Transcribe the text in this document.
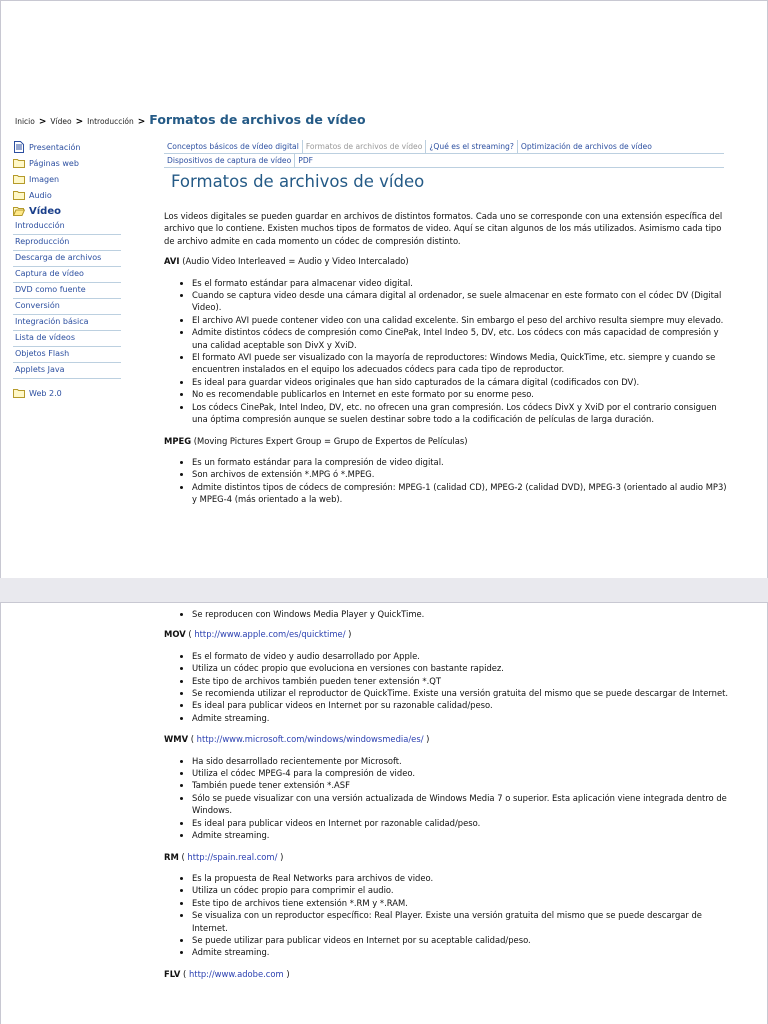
Inicio > Vídeo > Introducción > Formatos de archivos de vídeo
Presentación
Páginas web
Imagen
Audio
Vídeo
Introducción
Reproducción
Descarga de archivos
Captura de vídeo
DVD como fuente
Conversión
Integración básica
Lista de vídeos
Objetos Flash
Applets Java
Web 2.0
Conceptos básicos de vídeo digital Formatos de archivos de vídeo ¿Qué es el streaming? Optimización de archivos de vídeo
Dispositivos de captura de vídeo PDF
Formatos de archivos de vídeo

Los videos digitales se pueden guardar en archivos de distintos formatos. Cada uno se corresponde con una extensión específica del archivo que lo contiene. Existen muchos tipos de formatos de video. Aquí se citan algunos de los más utilizados. Asimismo cada tipo de archivo admite en cada momento un códec de compresión distinto.

AVI (Audio Video Interleaved = Audio y Video Intercalado)

• Es el formato estándar para almacenar video digital.
• Cuando se captura video desde una cámara digital al ordenador, se suele almacenar en este formato con el códec DV (Digital Video).
• El archivo AVI puede contener video con una calidad excelente. Sin embargo el peso del archivo resulta siempre muy elevado.
• Admite distintos códecs de compresión como CinePak, Intel Indeo 5, DV, etc. Los códecs con más capacidad de compresión y una calidad aceptable son DivX y XviD.
• El formato AVI puede ser visualizado con la mayoría de reproductores: Windows Media, QuickTime, etc. siempre y cuando se encuentren instalados en el equipo los adecuados códecs para cada tipo de reproductor.
• Es ideal para guardar videos originales que han sido capturados de la cámara digital (codificados con DV).
• No es recomendable publicarlos en Internet en este formato por su enorme peso.
• Los códecs CinePak, Intel Indeo, DV, etc. no ofrecen una gran compresión. Los códecs DivX y XviD por el contrario consiguen una óptima compresión aunque se suelen destinar sobre todo a la codificación de películas de larga duración.

MPEG (Moving Pictures Expert Group = Grupo de Expertos de Películas)

• Es un formato estándar para la compresión de video digital.
• Son archivos de extensión *.MPG ó *.MPEG.
• Admite distintos tipos de códecs de compresión: MPEG-1 (calidad CD), MPEG-2 (calidad DVD), MPEG-3 (orientado al audio MP3) y MPEG-4 (más orientado a la web).
• Se reproducen con Windows Media Player y QuickTime.

MOV ( http://www.apple.com/es/quicktime/ )

• Es el formato de video y audio desarrollado por Apple.
• Utiliza un códec propio que evoluciona en versiones con bastante rapidez.
• Este tipo de archivos también pueden tener extensión *.QT
• Se recomienda utilizar el reproductor de QuickTime. Existe una versión gratuita del mismo que se puede descargar de Internet.
• Es ideal para publicar videos en Internet por su razonable calidad/peso.
• Admite streaming.

WMV ( http://www.microsoft.com/windows/windowsmedia/es/ )

• Ha sido desarrollado recientemente por Microsoft.
• Utiliza el códec MPEG-4 para la compresión de video.
• También puede tener extensión *.ASF
• Sólo se puede visualizar con una versión actualizada de Windows Media 7 o superior. Esta aplicación viene integrada dentro de Windows.
• Es ideal para publicar videos en Internet por razonable calidad/peso.
• Admite streaming.

RM ( http://spain.real.com/ )

• Es la propuesta de Real Networks para archivos de video.
• Utiliza un códec propio para comprimir el audio.
• Este tipo de archivos tiene extensión *.RM y *.RAM.
• Se visualiza con un reproductor específico: Real Player. Existe una versión gratuita del mismo que se puede descargar de Internet.
• Se puede utilizar para publicar videos en Internet por su aceptable calidad/peso.
• Admite streaming.

FLV ( http://www.adobe.com )
